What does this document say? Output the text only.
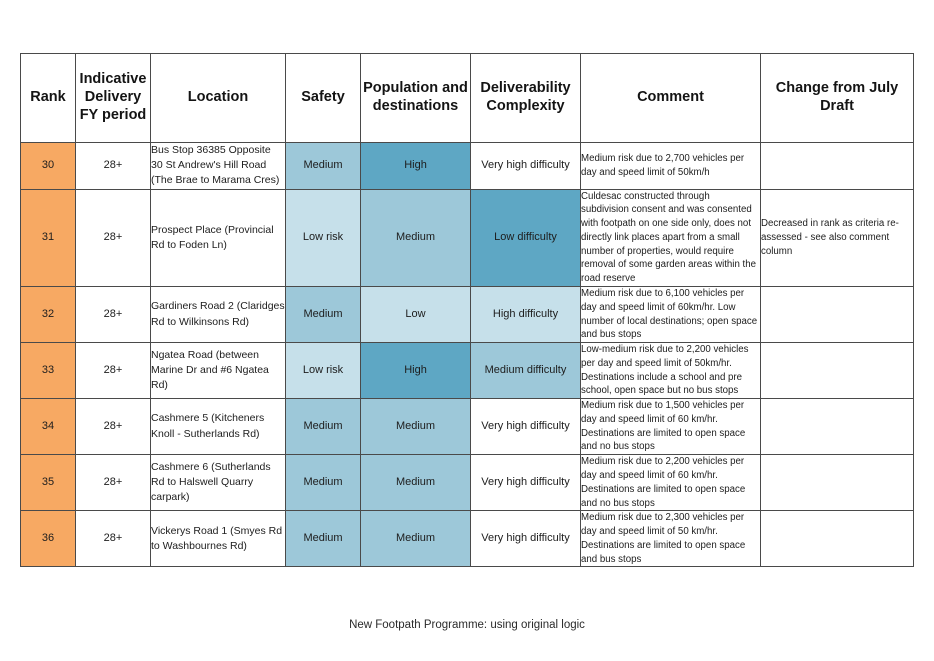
Rank	Indicative Delivery FY period	Location	Safety	Population and destinations	Deliverability Complexity	Comment	Change from July Draft
30	28+	Bus Stop 36385 Opposite 30 St Andrew's Hill Road (The Brae to Marama Cres)	Medium	High	Very high difficulty	Medium risk due to 2,700 vehicles per day and speed limit of 50km/h	
31	28+	Prospect Place (Provincial Rd to Foden Ln)	Low risk	Medium	Low difficulty	Culdesac constructed through subdivision consent and was consented with footpath on one side only, does not directly link places apart from a small number of properties, would require removal of some garden areas within the road reserve	Decreased in rank as criteria re-assessed - see also comment column
32	28+	Gardiners Road 2 (Claridges Rd to Wilkinsons Rd)	Medium	Low	High difficulty	Medium risk due to 6,100 vehicles per day and speed limit of 60km/hr. Low number of local destinations; open space and bus stops	
33	28+	Ngatea Road (between Marine Dr and #6 Ngatea Rd)	Low risk	High	Medium difficulty	Low-medium risk due to 2,200 vehicles per day and speed limit of 50km/hr. Destinations include a school and pre school, open space but no bus stops	
34	28+	Cashmere 5 (Kitcheners Knoll - Sutherlands Rd)	Medium	Medium	Very high difficulty	Medium risk due to 1,500 vehicles per day and speed limit of 60 km/hr. Destinations are limited to open space and no bus stops	
35	28+	Cashmere 6 (Sutherlands Rd to Halswell Quarry carpark)	Medium	Medium	Very high difficulty	Medium risk due to 2,200 vehicles per day and speed limit of 60 km/hr. Destinations are limited to open space and no bus stops	
36	28+	Vickerys Road 1 (Smyes Rd to Washbournes Rd)	Medium	Medium	Very high difficulty	Medium risk due to 2,300 vehicles per day and speed limit of 50 km/hr. Destinations are limited to open space and bus stops	
New Footpath Programme: using original logic
